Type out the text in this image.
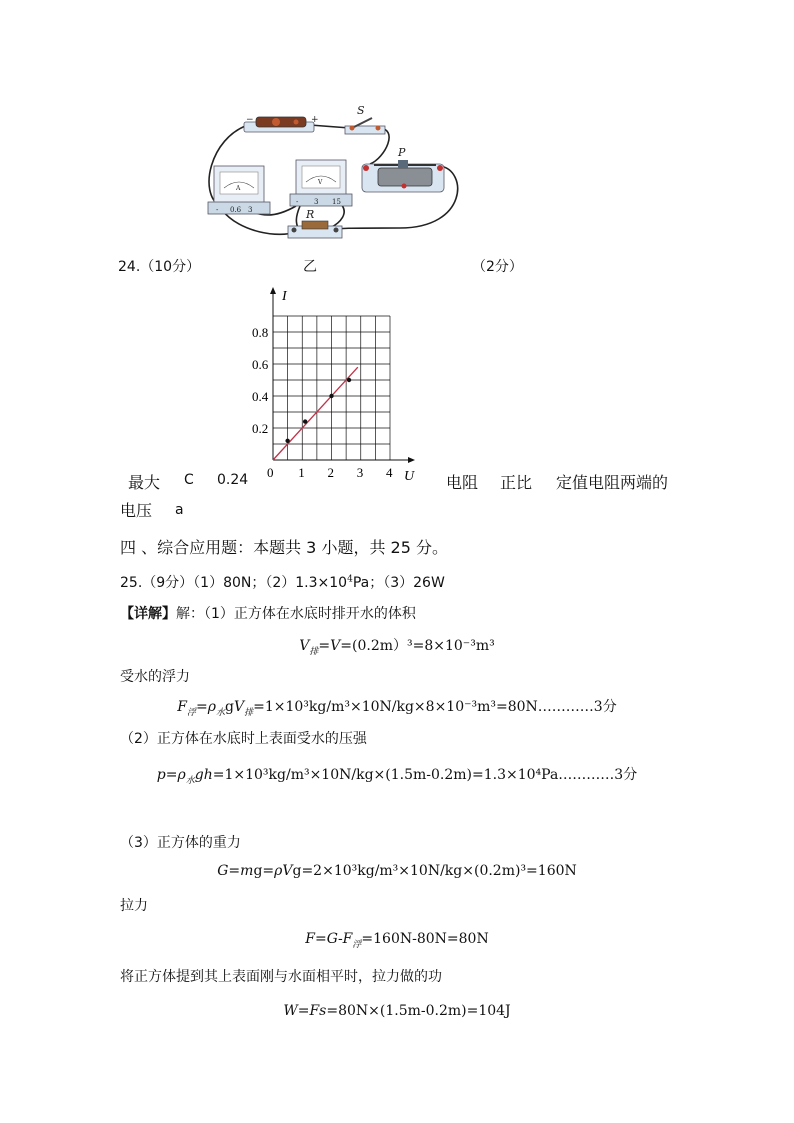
−	+
S
P
A
- 0.6 3
V
- 3 15
R
24.（10分）	乙	（2分）
I
U
0 1 2 3 4
0.2
0.4
0.6
0.8
最大 C 0.24	电阻 正比 定值电阻两端的
电压 a
四 、综合应用题：本题共 3 小题，共 25 分。
25.（9分）（1）80N；$(2)1.3\times 10^4Pa$；（3）26W
【详解】解：（1）正方体在水底时排开水的体积
$V_排=V=(0.2m)^3=8\times 10^{-3}m^3$
受水的浮力
$F_浮=\rho_水gV_排=1\times 10^3kg/m^3\times 10N/kg\times 8\times 10^{-3}m^3=80N\dots\dots\dots\dots 3$分
（2）正方体在水底时上表面受水的压强
$p=\rho_水gh=1\times 10^3kg/m^3\times 10N/kg\times(1.5m-0.2m)=1.3\times 10^4Pa\dots\dots\dots\dots 3$分
（3）正方体的重力
G=mg=ρVg=2×10³kg/m³×10N/kg×(0.2m)³=160N
拉力
$F=G-F_浮=160N-80N=80N$
将正方体提到其上表面刚与水面相平时，拉力做的功
W=Fs=80N×(1.5m-0.2m)=104J
